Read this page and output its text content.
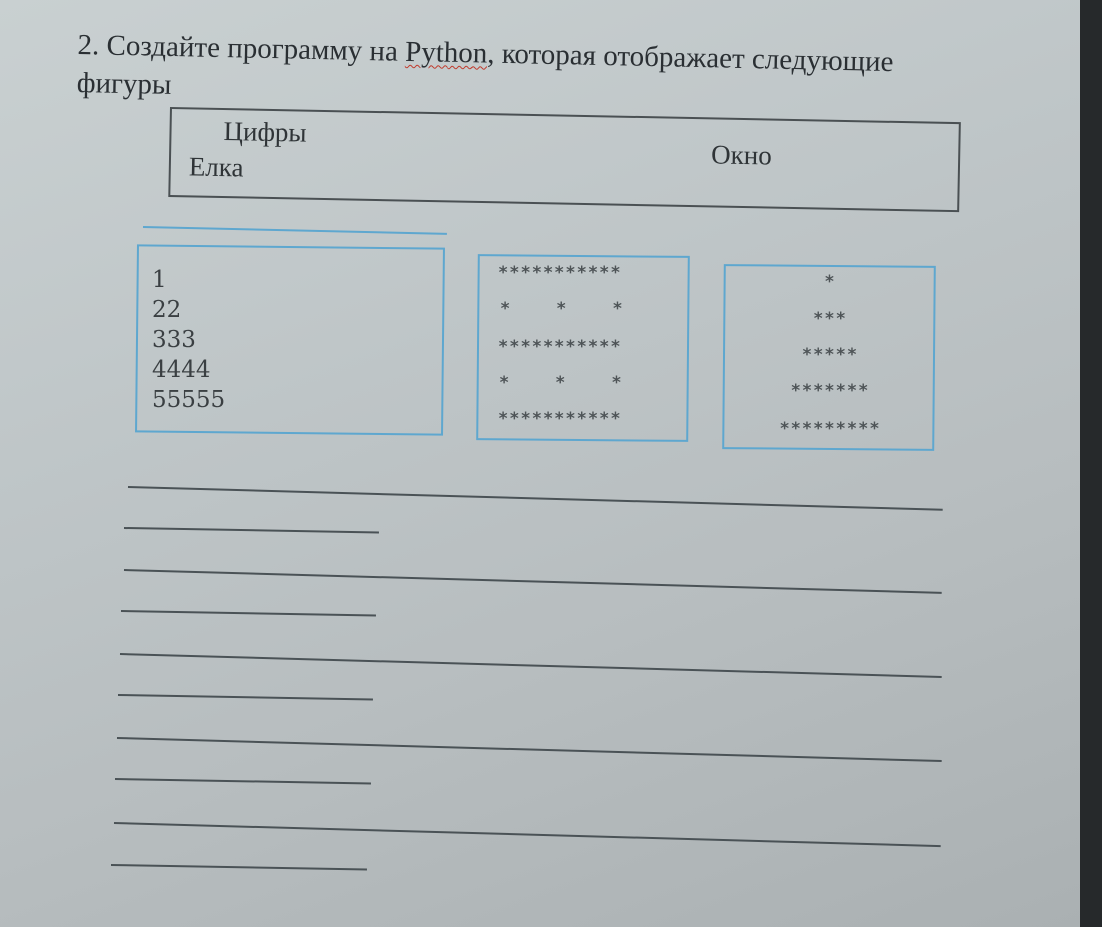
2. Создайте программу на Python, которая отображает следующие фигуры
Цифры
Окно
Елка
1
22
333
4444
55555
***********
*    *    *
***********
*    *    *
***********
*
***
*****
*******
*********
